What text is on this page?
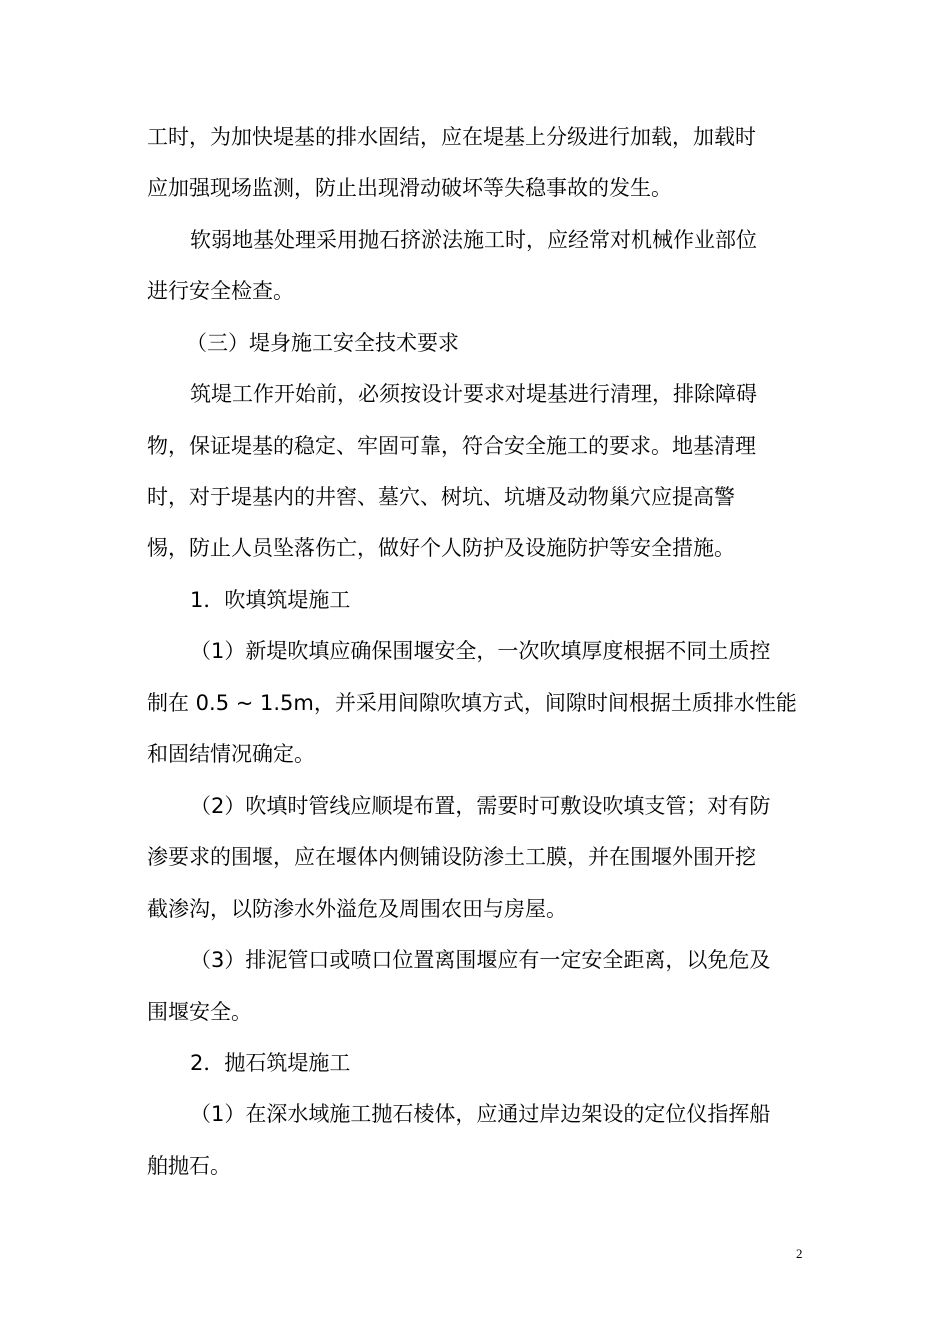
工时，为加快堤基的排水固结，应在堤基上分级进行加载，加载时
应加强现场监测，防止出现滑动破坏等失稳事故的发生。
软弱地基处理采用抛石挤淤法施工时，应经常对机械作业部位
进行安全检查。
（三）堤身施工安全技术要求
筑堤工作开始前，必须按设计要求对堤基进行清理，排除障碍
物，保证堤基的稳定、牢固可靠，符合安全施工的要求。地基清理
时，对于堤基内的井窖、墓穴、树坑、坑塘及动物巢穴应提高警
惕，防止人员坠落伤亡，做好个人防护及设施防护等安全措施。
1．吹填筑堤施工
（1）新堤吹填应确保围堰安全，一次吹填厚度根据不同土质控
制在 0.5 ~ 1.5m，并采用间隙吹填方式，间隙时间根据土质排水性能
和固结情况确定。
（2）吹填时管线应顺堤布置，需要时可敷设吹填支管；对有防
渗要求的围堰，应在堰体内侧铺设防渗土工膜，并在围堰外围开挖
截渗沟，以防渗水外溢危及周围农田与房屋。
（3）排泥管口或喷口位置离围堰应有一定安全距离，以免危及
围堰安全。
2．抛石筑堤施工
（1）在深水域施工抛石棱体，应通过岸边架设的定位仪指挥船
舶抛石。
2
